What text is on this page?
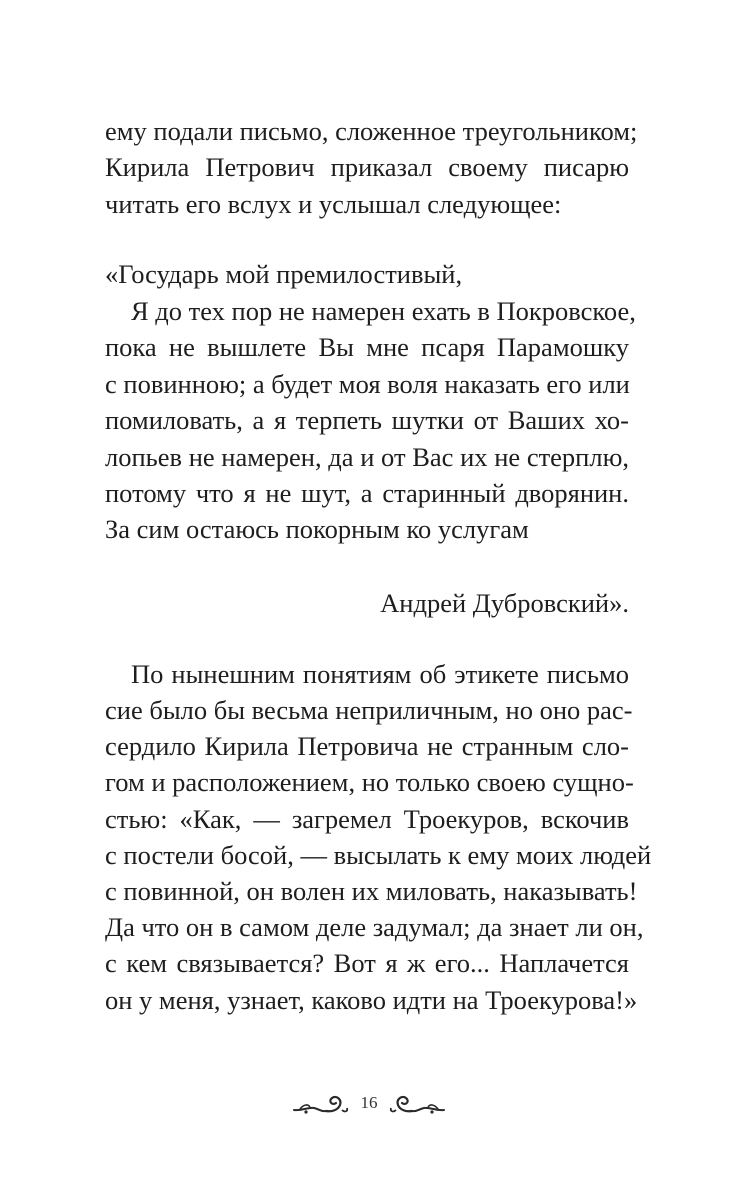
ему подали письмо, сложенное треугольником;
Кирила Петрович приказал своему писарю
читать его вслух и услышал следующее:
«Государь мой премилостивый,
Я до тех пор не намерен ехать в Покровское,
пока не вышлете Вы мне псаря Парамошку
с повинною; а будет моя воля наказать его или
помиловать, а я терпеть шутки от Ваших хо-
лопьев не намерен, да и от Вас их не стерплю,
потому что я не шут, а старинный дворянин.
За сим остаюсь покорным ко услугам
Андрей Дубровский».
По нынешним понятиям об этикете письмо
сие было бы весьма неприличным, но оно рас-
сердило Кирила Петровича не странным сло-
гом и расположением, но только своею сущно-
стью: «Как, — загремел Троекуров, вскочив
с постели босой, — высылать к ему моих людей
с повинной, он волен их миловать, наказывать!
Да что он в самом деле задумал; да знает ли он,
с кем связывается? Вот я ж его... Наплачется
он у меня, узнает, каково идти на Троекурова!»
16
